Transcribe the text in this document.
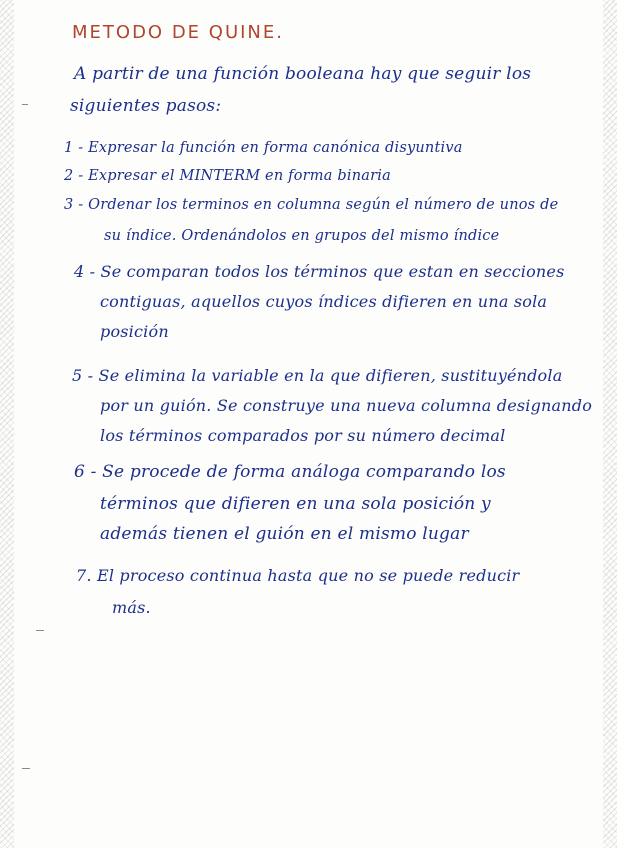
METODO DE QUINE.
A partir de una función booleana hay que seguir los
siguientes pasos:
1 - Expresar la función en forma canónica disyuntiva
2 - Expresar el MINTERM en forma binaria
3 - Ordenar los terminos en columna según el número de unos de
su índice. Ordenándolos en grupos del mismo índice
4 - Se comparan todos los términos que estan en secciones
contiguas, aquellos cuyos índices difieren en una sola
posición
5 - Se elimina la variable en la que difieren, sustituyéndola
por un guión. Se construye una nueva columna designando
los términos comparados por su número decimal
6 - Se procede de forma análoga comparando los
términos que difieren en una sola posición y
además tienen el guión en el mismo lugar
7. El proceso continua hasta que no se puede reducir
más.
